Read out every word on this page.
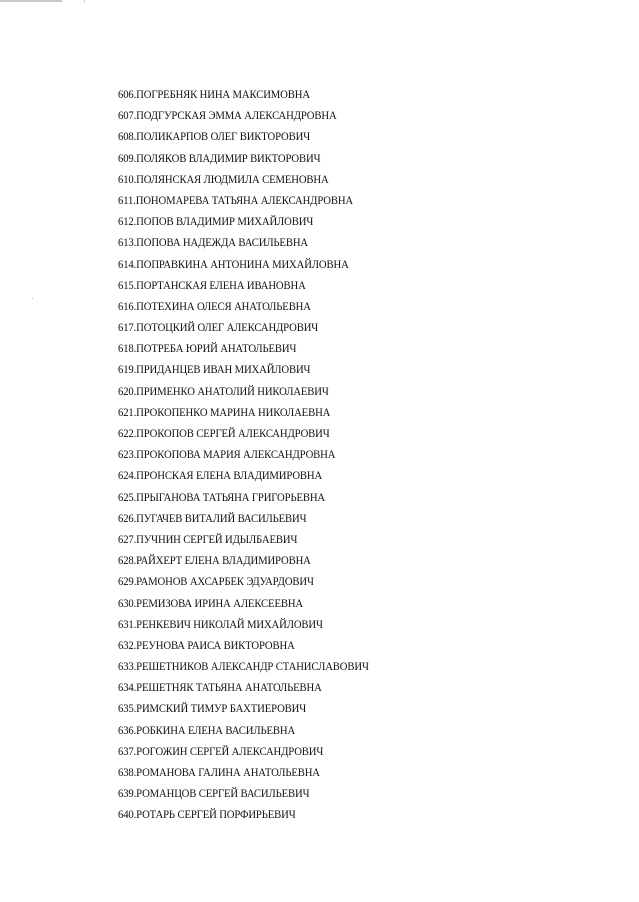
606.ПОГРЕБНЯК НИНА МАКСИМОВНА
607.ПОДГУРСКАЯ ЭММА АЛЕКСАНДРОВНА
608.ПОЛИКАРПОВ ОЛЕГ ВИКТОРОВИЧ
609.ПОЛЯКОВ ВЛАДИМИР ВИКТОРОВИЧ
610.ПОЛЯНСКАЯ ЛЮДМИЛА СЕМЕНОВНА
611.ПОНОМАРЕВА ТАТЬЯНА АЛЕКСАНДРОВНА
612.ПОПОВ ВЛАДИМИР МИХАЙЛОВИЧ
613.ПОПОВА НАДЕЖДА ВАСИЛЬЕВНА
614.ПОПРАВКИНА АНТОНИНА МИХАЙЛОВНА
615.ПОРТАНСКАЯ ЕЛЕНА ИВАНОВНА
616.ПОТЕХИНА ОЛЕСЯ АНАТОЛЬЕВНА
617.ПОТОЦКИЙ ОЛЕГ АЛЕКСАНДРОВИЧ
618.ПОТРЕБА ЮРИЙ АНАТОЛЬЕВИЧ
619.ПРИДАНЦЕВ ИВАН МИХАЙЛОВИЧ
620.ПРИМЕНКО АНАТОЛИЙ НИКОЛАЕВИЧ
621.ПРОКОПЕНКО МАРИНА НИКОЛАЕВНА
622.ПРОКОПОВ СЕРГЕЙ АЛЕКСАНДРОВИЧ
623.ПРОКОПОВА МАРИЯ АЛЕКСАНДРОВНА
624.ПРОНСКАЯ ЕЛЕНА ВЛАДИМИРОВНА
625.ПРЫГАНОВА ТАТЬЯНА ГРИГОРЬЕВНА
626.ПУГАЧЕВ ВИТАЛИЙ ВАСИЛЬЕВИЧ
627.ПУЧНИН СЕРГЕЙ ИДЫЛБАЕВИЧ
628.РАЙХЕРТ ЕЛЕНА ВЛАДИМИРОВНА
629.РАМОНОВ АХСАРБЕК ЭДУАРДОВИЧ
630.РЕМИЗОВА ИРИНА АЛЕКСЕЕВНА
631.РЕНКЕВИЧ НИКОЛАЙ МИХАЙЛОВИЧ
632.РЕУНОВА РАИСА ВИКТОРОВНА
633.РЕШЕТНИКОВ АЛЕКСАНДР СТАНИСЛАВОВИЧ
634.РЕШЕТНЯК ТАТЬЯНА АНАТОЛЬЕВНА
635.РИМСКИЙ ТИМУР БАХТИЕРОВИЧ
636.РОБКИНА ЕЛЕНА ВАСИЛЬЕВНА
637.РОГОЖИН СЕРГЕЙ АЛЕКСАНДРОВИЧ
638.РОМАНОВА ГАЛИНА АНАТОЛЬЕВНА
639.РОМАНЦОВ СЕРГЕЙ ВАСИЛЬЕВИЧ
640.РОТАРЬ СЕРГЕЙ ПОРФИРЬЕВИЧ
